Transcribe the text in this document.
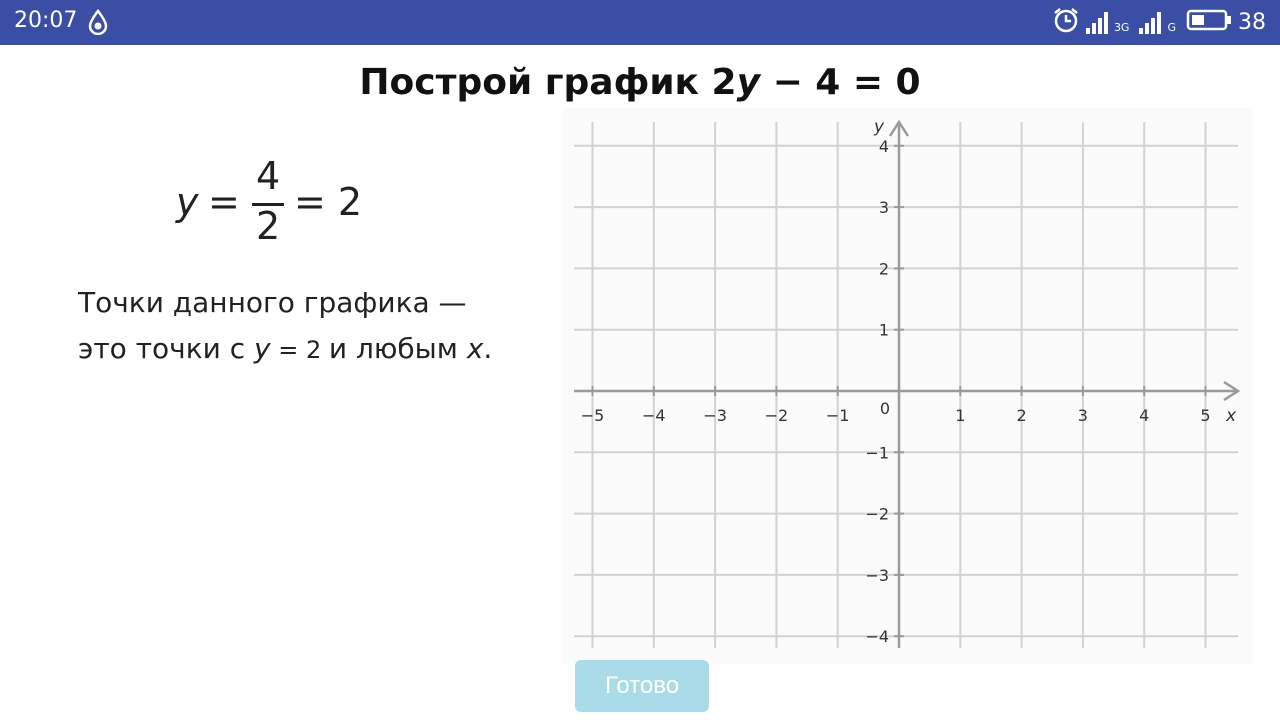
20:07	3G	G	38
Построй график 2y − 4 = 0
y =
4
2
= 2
Точки данного графика —
это точки с y = 2 и любым x.
−5 −4 −3 −2 −1	1	2	3	4	5
4
3
2
1
−1
−2
−3
−4
0	x
y
Готово
